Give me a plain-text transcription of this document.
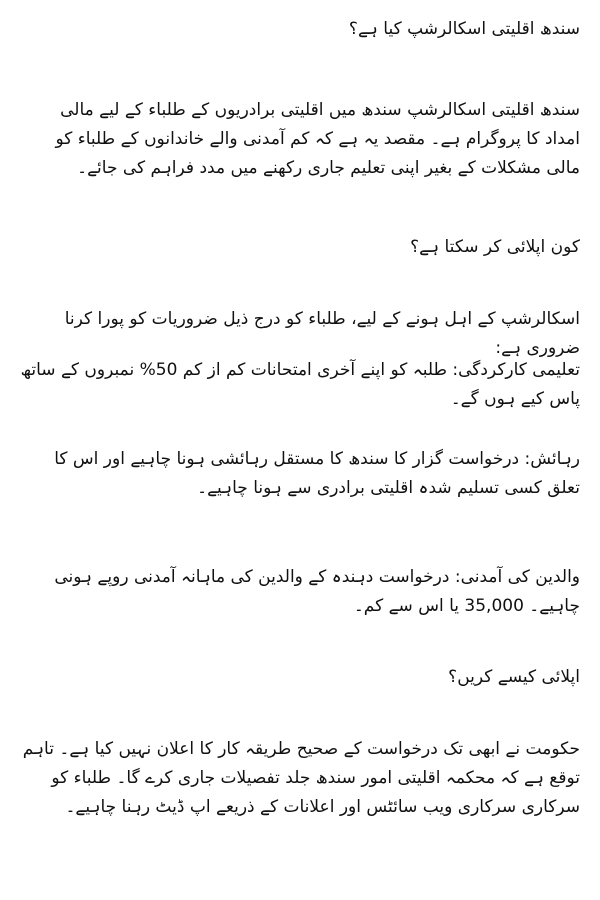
سندھ اقلیتی اسکالرشپ کیا ہے؟

سندھ اقلیتی اسکالرشپ سندھ میں اقلیتی برادریوں کے طلباء کے لیے مالی امداد کا پروگرام ہے۔ مقصد یہ ہے کہ کم آمدنی والے خاندانوں کے طلباء کو مالی مشکلات کے بغیر اپنی تعلیم جاری رکھنے میں مدد فراہم کی جائے۔

کون اپلائی کر سکتا ہے؟

اسکالرشپ کے اہل ہونے کے لیے، طلباء کو درج ذیل ضروریات کو پورا کرنا ضروری ہے:

تعلیمی کارکردگی: طلبہ کو اپنے آخری امتحانات کم از کم 50% نمبروں کے ساتھ پاس کیے ہوں گے۔

رہائش: درخواست گزار کا سندھ کا مستقل رہائشی ہونا چاہیے اور اس کا تعلق کسی تسلیم شدہ اقلیتی برادری سے ہونا چاہیے۔

والدین کی آمدنی: درخواست دہندہ کے والدین کی ماہانہ آمدنی روپے ہونی چاہیے۔ 35,000 یا اس سے کم۔

اپلائی کیسے کریں؟

حکومت نے ابھی تک درخواست کے صحیح طریقہ کار کا اعلان نہیں کیا ہے۔ تاہم توقع ہے کہ محکمہ اقلیتی امور سندھ جلد تفصیلات جاری کرے گا۔ طلباء کو سرکاری سرکاری ویب سائٹس اور اعلانات کے ذریعے اپ ڈیٹ رہنا چاہیے۔
